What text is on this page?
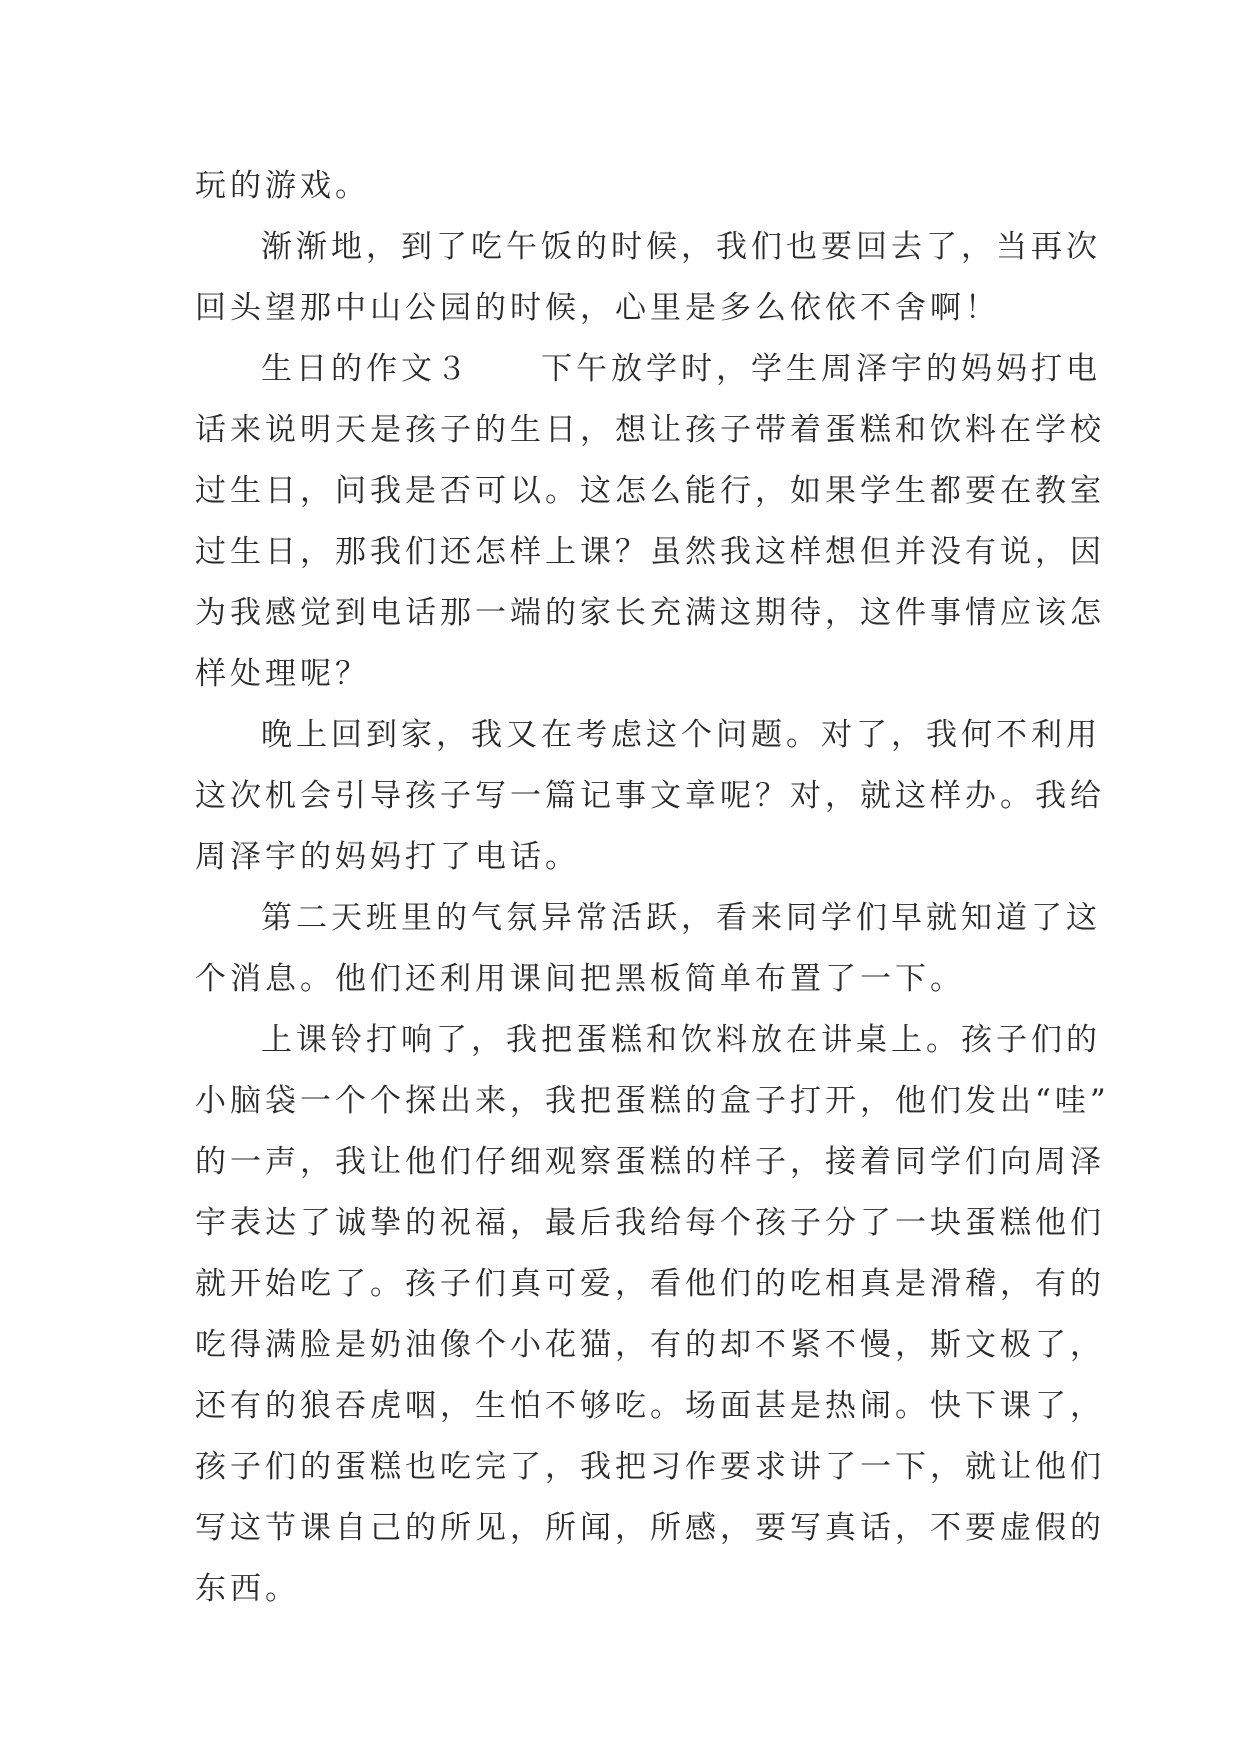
玩的游戏。
渐渐地，到了吃午饭的时候，我们也要回去了，当再次
回头望那中山公园的时候，心里是多么依依不舍啊！
生日的作文３　　下午放学时，学生周泽宇的妈妈打电
话来说明天是孩子的生日，想让孩子带着蛋糕和饮料在学校
过生日，问我是否可以。这怎么能行，如果学生都要在教室
过生日，那我们还怎样上课？虽然我这样想但并没有说，因
为我感觉到电话那一端的家长充满这期待，这件事情应该怎
样处理呢？
晚上回到家，我又在考虑这个问题。对了，我何不利用
这次机会引导孩子写一篇记事文章呢？对，就这样办。我给
周泽宇的妈妈打了电话。
第二天班里的气氛异常活跃，看来同学们早就知道了这
个消息。他们还利用课间把黑板简单布置了一下。
上课铃打响了，我把蛋糕和饮料放在讲桌上。孩子们的
小脑袋一个个探出来，我把蛋糕的盒子打开，他们发出“哇”
的一声，我让他们仔细观察蛋糕的样子，接着同学们向周泽
宇表达了诚挚的祝福，最后我给每个孩子分了一块蛋糕他们
就开始吃了。孩子们真可爱，看他们的吃相真是滑稽，有的
吃得满脸是奶油像个小花猫，有的却不紧不慢，斯文极了，
还有的狼吞虎咽，生怕不够吃。场面甚是热闹。快下课了，
孩子们的蛋糕也吃完了，我把习作要求讲了一下，就让他们
写这节课自己的所见，所闻，所感，要写真话，不要虚假的
东西。
